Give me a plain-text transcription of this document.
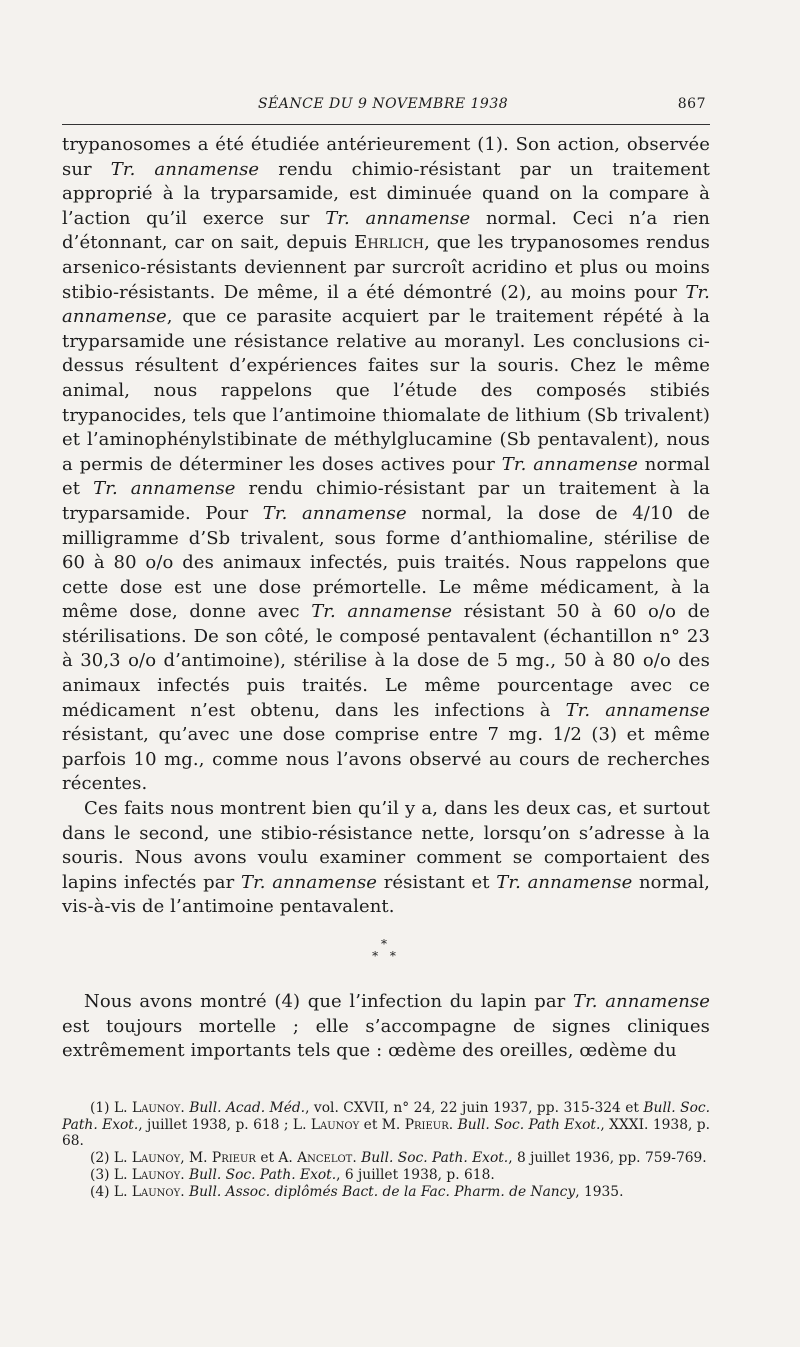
SÉANCE DU 9 NOVEMBRE 1938	867

trypanosomes a été étudiée antérieurement (1). Son action, observée sur Tr. annamense rendu chimio-résistant par un traitement approprié à la tryparsamide, est diminuée quand on la compare à l’action qu’il exerce sur Tr. annamense normal. Ceci n’a rien d’étonnant, car on sait, depuis Ehrlich, que les trypanosomes rendus arsenico-résistants deviennent par surcroît acridino et plus ou moins stibio-résistants. De même, il a été démontré (2), au moins pour Tr. annamense, que ce parasite acquiert par le traitement répété à la tryparsamide une résistance relative au moranyl. Les conclusions ci-dessus résultent d’expériences faites sur la souris. Chez le même animal, nous rappelons que l’étude des composés stibiés trypanocides, tels que l’antimoine thiomalate de lithium (Sb trivalent) et l’aminophénylstibinate de méthylglucamine (Sb pentavalent), nous a permis de déterminer les doses actives pour Tr. annamense normal et Tr. annamense rendu chimio-résistant par un traitement à la tryparsamide. Pour Tr. annamense normal, la dose de 4/10 de milligramme d’Sb trivalent, sous forme d’anthiomaline, stérilise de 60 à 80 o/o des animaux infectés, puis traités. Nous rappelons que cette dose est une dose prémortelle. Le même médicament, à la même dose, donne avec Tr. annamense résistant 50 à 60 o/o de stérilisations. De son côté, le composé pentavalent (échantillon n° 23 à 30,3 o/o d’antimoine), stérilise à la dose de 5 mg., 50 à 80 o/o des animaux infectés puis traités. Le même pourcentage avec ce médicament n’est obtenu, dans les infections à Tr. annamense résistant, qu’avec une dose comprise entre 7 mg. 1/2 (3) et même parfois 10 mg., comme nous l’avons observé au cours de recherches récentes.

Ces faits nous montrent bien qu’il y a, dans les deux cas, et surtout dans le second, une stibio-résistance nette, lorsqu’on s’adresse à la souris. Nous avons voulu examiner comment se comportaient des lapins infectés par Tr. annamense résistant et Tr. annamense normal, vis-à-vis de l’antimoine pentavalent.

*
* *

Nous avons montré (4) que l’infection du lapin par Tr. annamense est toujours mortelle ; elle s’accompagne de signes cliniques extrêmement importants tels que : œdème des oreilles, œdème du

(1) L. Launoy. Bull. Acad. Méd., vol. CXVII, n° 24, 22 juin 1937, pp. 315-324 et Bull. Soc. Path. Exot., juillet 1938, p. 618 ; L. Launoy et M. Prieur. Bull. Soc. Path Exot., XXXI. 1938, p. 68.

(2) L. Launoy, M. Prieur et A. Ancelot. Bull. Soc. Path. Exot., 8 juillet 1936, pp. 759-769.

(3) L. Launoy. Bull. Soc. Path. Exot., 6 juillet 1938, p. 618.

(4) L. Launoy. Bull. Assoc. diplômés Bact. de la Fac. Pharm. de Nancy, 1935.
